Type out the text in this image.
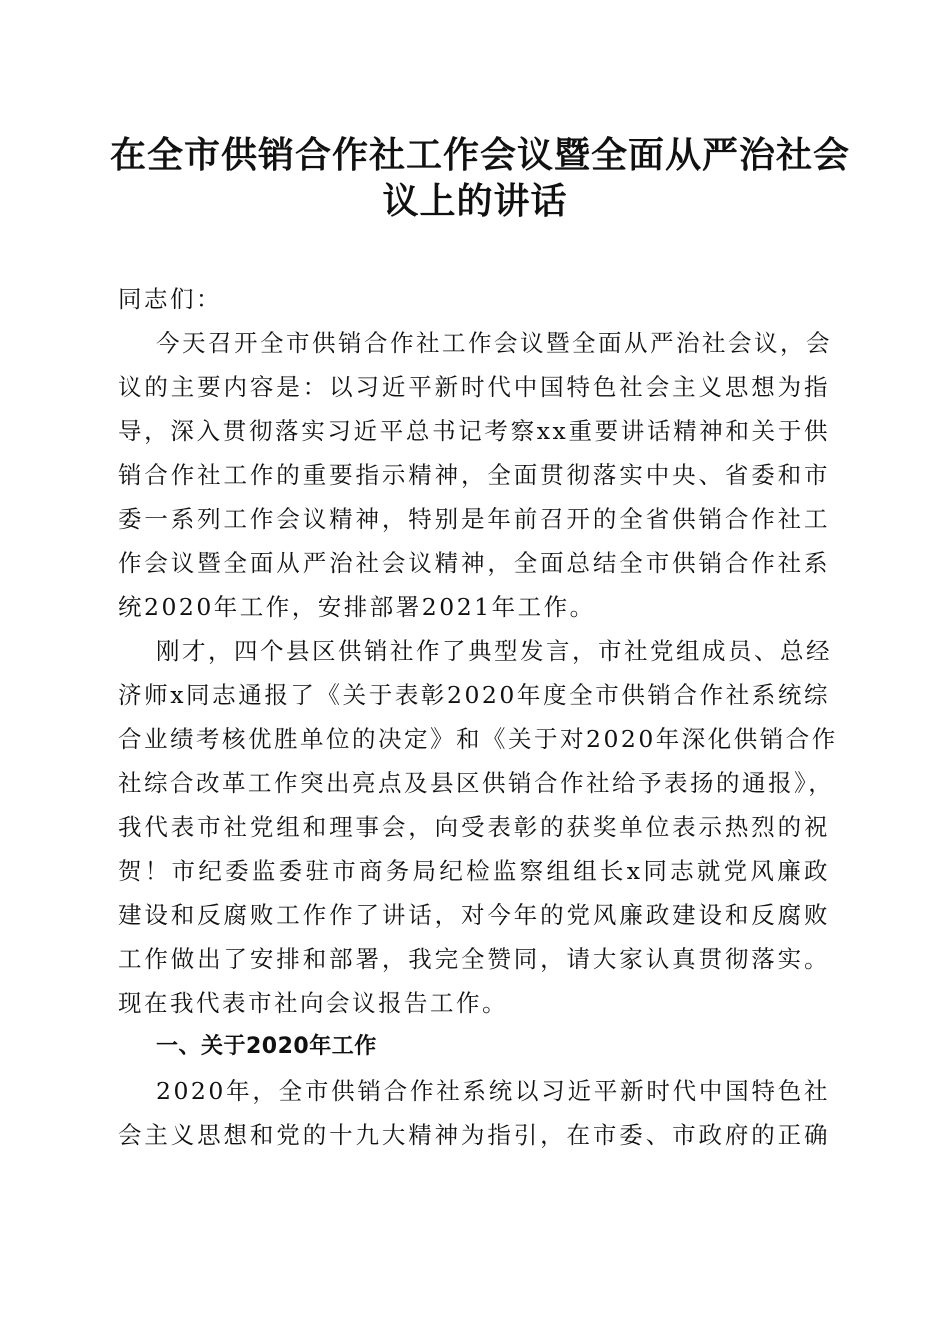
在全市供销合作社工作会议暨全面从严治社会
议上的讲话
同志们：
今天召开全市供销合作社工作会议暨全面从严治社会议，会
议的主要内容是：以习近平新时代中国特色社会主义思想为指
导，深入贯彻落实习近平总书记考察xx重要讲话精神和关于供
销合作社工作的重要指示精神，全面贯彻落实中央、省委和市
委一系列工作会议精神，特别是年前召开的全省供销合作社工
作会议暨全面从严治社会议精神，全面总结全市供销合作社系
统2020年工作，安排部署2021年工作。
刚才，四个县区供销社作了典型发言，市社党组成员、总经
济师x同志通报了《关于表彰2020年度全市供销合作社系统综
合业绩考核优胜单位的决定》和《关于对2020年深化供销合作
社综合改革工作突出亮点及县区供销合作社给予表扬的通报》，
我代表市社党组和理事会，向受表彰的获奖单位表示热烈的祝
贺！市纪委监委驻市商务局纪检监察组组长x同志就党风廉政
建设和反腐败工作作了讲话，对今年的党风廉政建设和反腐败
工作做出了安排和部署，我完全赞同，请大家认真贯彻落实。
现在我代表市社向会议报告工作。
一、关于2020年工作
2020年，全市供销合作社系统以习近平新时代中国特色社
会主义思想和党的十九大精神为指引，在市委、市政府的正确
